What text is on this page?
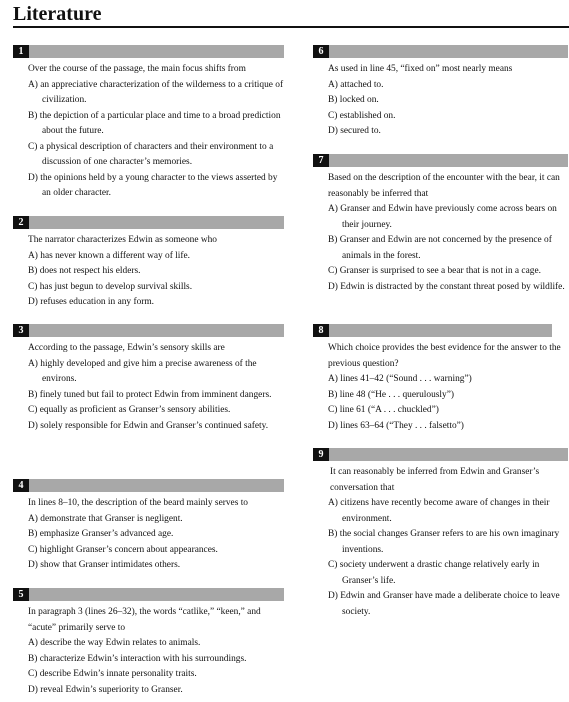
Literature
1
Over the course of the passage, the main focus shifts from
A) an appreciative characterization of the wilderness to a critique of civilization.
B) the depiction of a particular place and time to a broad prediction about the future.
C) a physical description of characters and their environment to a discussion of one character’s memories.
D) the opinions held by a young character to the views asserted by an older character.
2
The narrator characterizes Edwin as someone who
A) has never known a different way of life.
B) does not respect his elders.
C) has just begun to develop survival skills.
D) refuses education in any form.
3
According to the passage, Edwin’s sensory skills are
A) highly developed and give him a precise awareness of the environs.
B) finely tuned but fail to protect Edwin from imminent dangers.
C) equally as proficient as Granser’s sensory abilities.
D) solely responsible for Edwin and Granser’s continued safety.
4
In lines 8–10, the description of the beard mainly serves to
A) demonstrate that Granser is negligent.
B) emphasize Granser’s advanced age.
C) highlight Granser’s concern about appearances.
D) show that Granser intimidates others.
5
In paragraph 3 (lines 26–32), the words “catlike,” “keen,” and “acute” primarily serve to
A) describe the way Edwin relates to animals.
B) characterize Edwin’s interaction with his surroundings.
C) describe Edwin’s innate personality traits.
D) reveal Edwin’s superiority to Granser.
6
As used in line 45, “fixed on” most nearly means
A) attached to.
B) locked on.
C) established on.
D) secured to.
7
Based on the description of the encounter with the bear, it can reasonably be inferred that
A) Granser and Edwin have previously come across bears on their journey.
B) Granser and Edwin are not concerned by the presence of animals in the forest.
C) Granser is surprised to see a bear that is not in a cage.
D) Edwin is distracted by the constant threat posed by wildlife.
8
Which choice provides the best evidence for the answer to the previous question?
A) lines 41–42 (“Sound . . . warning”)
B) line 48 (“He . . . querulously”)
C) line 61 (“A . . . chuckled”)
D) lines 63–64 (“They . . . falsetto”)
9
It can reasonably be inferred from Edwin and Granser’s conversation that
A) citizens have recently become aware of changes in their environment.
B) the social changes Granser refers to are his own imaginary inventions.
C) society underwent a drastic change relatively early in Granser’s life.
D) Edwin and Granser have made a deliberate choice to leave society.
